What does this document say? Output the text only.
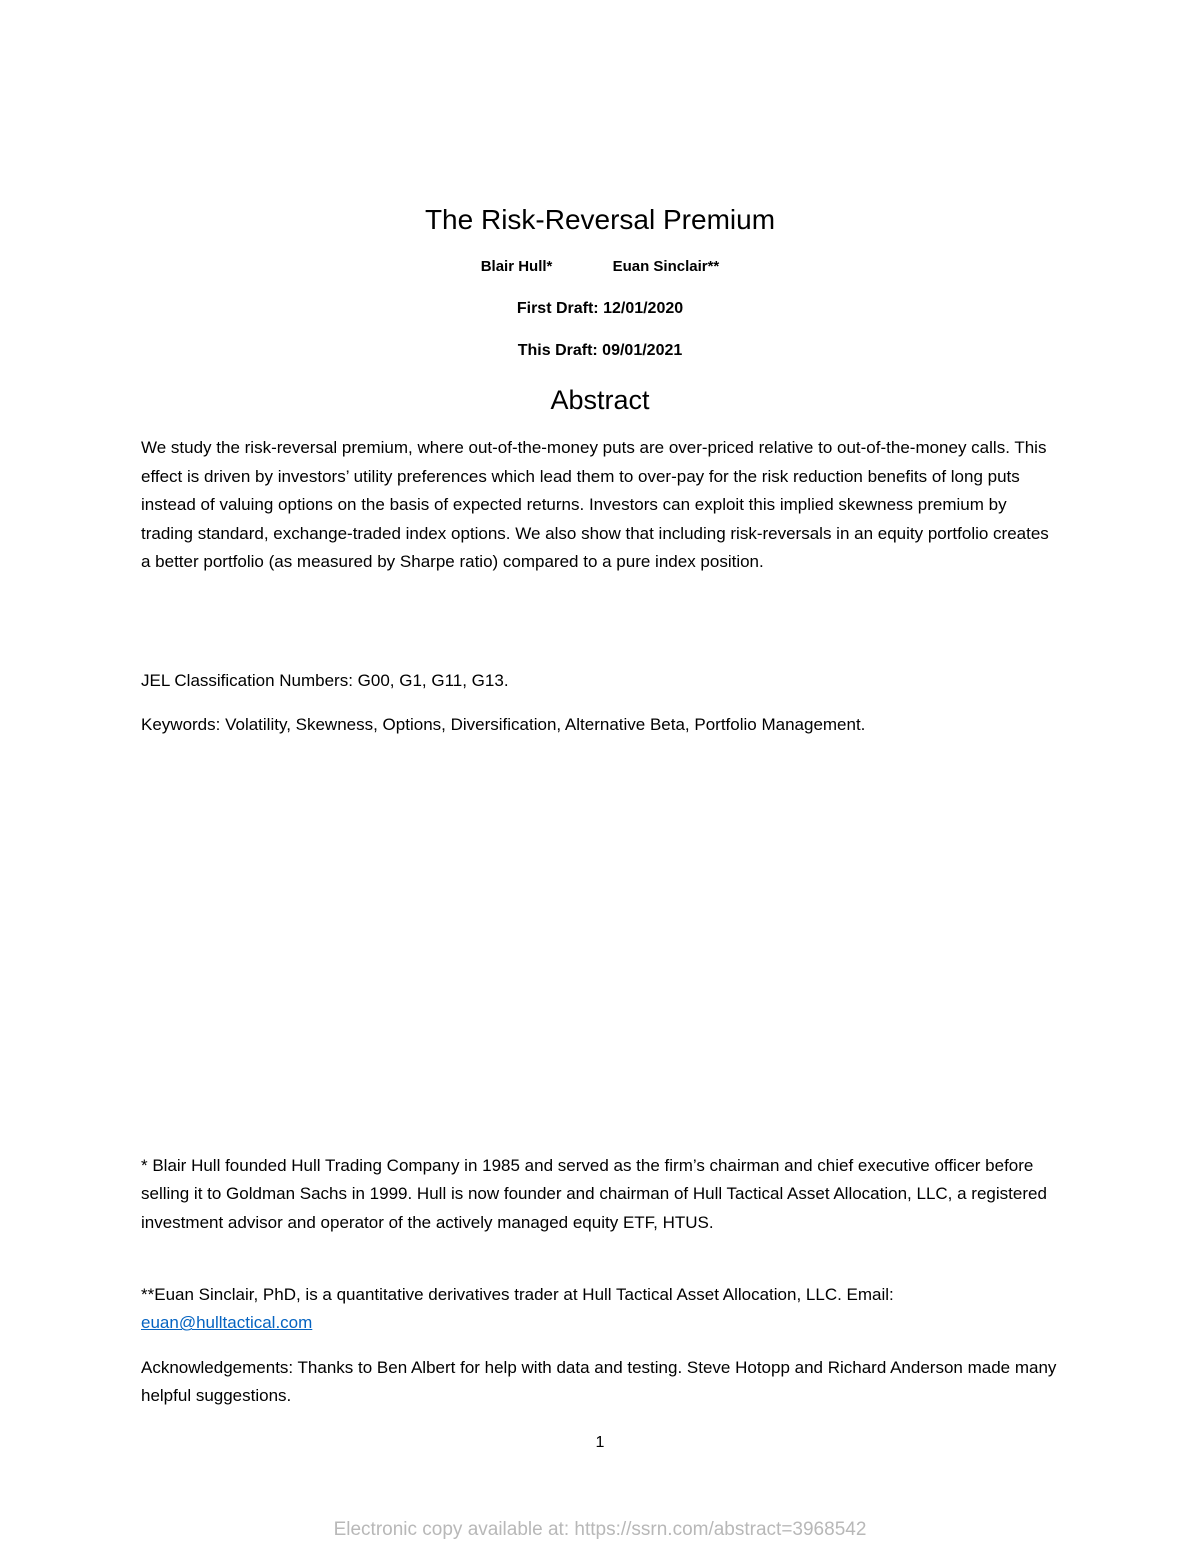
The Risk-Reversal Premium
Blair Hull*	Euan Sinclair**
First Draft: 12/01/2020
This Draft: 09/01/2021
Abstract

We study the risk-reversal premium, where out-of-the-money puts are over-priced relative to out-of-the-money calls. This effect is driven by investors’ utility preferences which lead them to over-pay for the risk reduction benefits of long puts instead of valuing options on the basis of expected returns. Investors can exploit this implied skewness premium by trading standard, exchange-traded index options. We also show that including risk-reversals in an equity portfolio creates a better portfolio (as measured by Sharpe ratio) compared to a pure index position.

JEL Classification Numbers: G00, G1, G11, G13.

Keywords: Volatility, Skewness, Options, Diversification, Alternative Beta, Portfolio Management.

* Blair Hull founded Hull Trading Company in 1985 and served as the firm’s chairman and chief executive officer before selling it to Goldman Sachs in 1999. Hull is now founder and chairman of Hull Tactical Asset Allocation, LLC, a registered investment advisor and operator of the actively managed equity ETF, HTUS.

**Euan Sinclair, PhD, is a quantitative derivatives trader at Hull Tactical Asset Allocation, LLC. Email: euan@hulltactical.com

Acknowledgements: Thanks to Ben Albert for help with data and testing. Steve Hotopp and Richard Anderson made many helpful suggestions.

1
Electronic copy available at: https://ssrn.com/abstract=3968542
